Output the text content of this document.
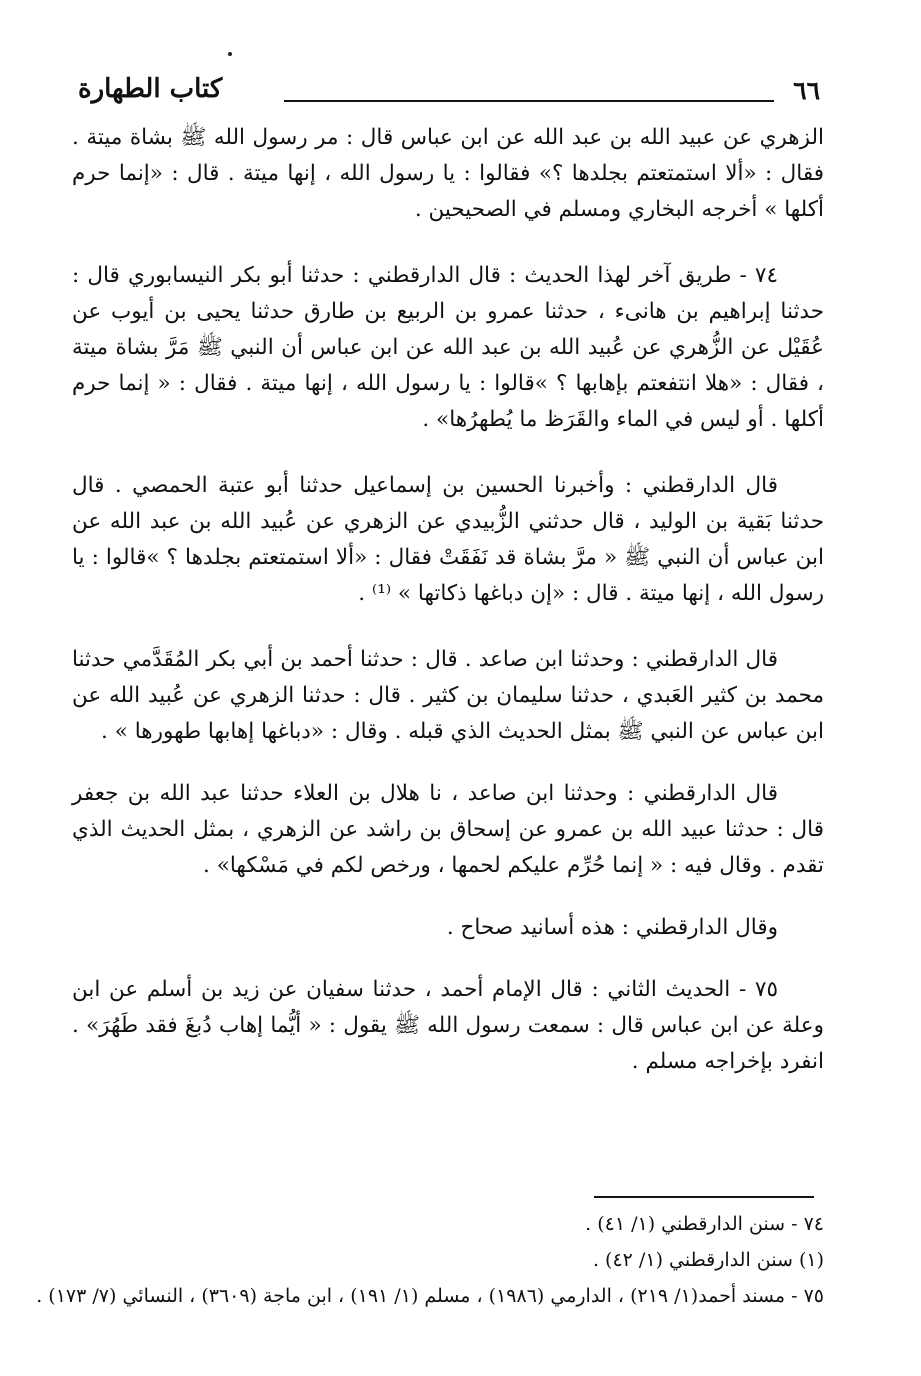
٦٦
كتاب الطهارة

الزهري عن عبيد الله بن عبد الله عن ابن عباس قال : مر رسول الله ﷺ بشاة ميتة . فقال : «ألا استمتعتم بجلدها ؟» فقالوا : يا رسول الله ، إنها ميتة . قال : «إنما حرم أكلها » أخرجه البخاري ومسلم في الصحيحين .

٧٤ - طريق آخر لهذا الحديث : قال الدارقطني : حدثنا أبو بكر النيسابوري قال : حدثنا إبراهيم بن هانىء ، حدثنا عمرو بن الربيع بن طارق حدثنا يحيى بن أيوب عن عُقَيْل عن الزُّهري عن عُبيد الله بن عبد الله عن ابن عباس أن النبي ﷺ مَرَّ بشاة ميتة ، فقال : «هلا انتفعتم بإهابها ؟ »قالوا : يا رسول الله ، إنها ميتة . فقال : « إنما حرم أكلها . أو ليس في الماء والقَرَظ ما يُطهرُها» .

قال الدارقطني : وأخبرنا الحسين بن إسماعيل حدثنا أبو عتبة الحمصي . قال حدثنا بَقية بن الوليد ، قال حدثني الزُّبيدي عن الزهري عن عُبيد الله بن عبد الله عن ابن عباس أن النبي ﷺ « مرَّ بشاة قد نَفَقَتْ فقال : «ألا استمتعتم بجلدها ؟ »قالوا : يا رسول الله ، إنها ميتة . قال : «إن دباغها ذكاتها » ⁽¹⁾ .

قال الدارقطني : وحدثنا ابن صاعد . قال : حدثنا أحمد بن أبي بكر المُقَدَّمي حدثنا محمد بن كثير العَبدي ، حدثنا سليمان بن كثير . قال : حدثنا الزهري عن عُبيد الله عن ابن عباس عن النبي ﷺ بمثل الحديث الذي قبله . وقال : «دباغها إهابها طهورها » .

قال الدارقطني : وحدثنا ابن صاعد ، نا هلال بن العلاء حدثنا عبد الله بن جعفر قال : حدثنا عبيد الله بن عمرو عن إسحاق بن راشد عن الزهري ، بمثل الحديث الذي تقدم . وقال فيه : « إنما حُرِّم عليكم لحمها ، ورخص لكم في مَسْكها» .

وقال الدارقطني : هذه أسانيد صحاح .

٧٥ - الحديث الثاني : قال الإمام أحمد ، حدثنا سفيان عن زيد بن أسلم عن ابن وعلة عن ابن عباس قال : سمعت رسول الله ﷺ يقول : « أيُّما إهاب دُبغَ فقد طَهُرَ» . انفرد بإخراجه مسلم .

٧٤ - سنن الدارقطني (١/ ٤١) .

(١) سنن الدارقطني (١/ ٤٢) .

٧٥ - مسند أحمد(١/ ٢١٩) ، الدارمي (١٩٨٦) ، مسلم (١/ ١٩١) ، ابن ماجة (٣٦٠٩) ، النسائي (٧/ ١٧٣) .
